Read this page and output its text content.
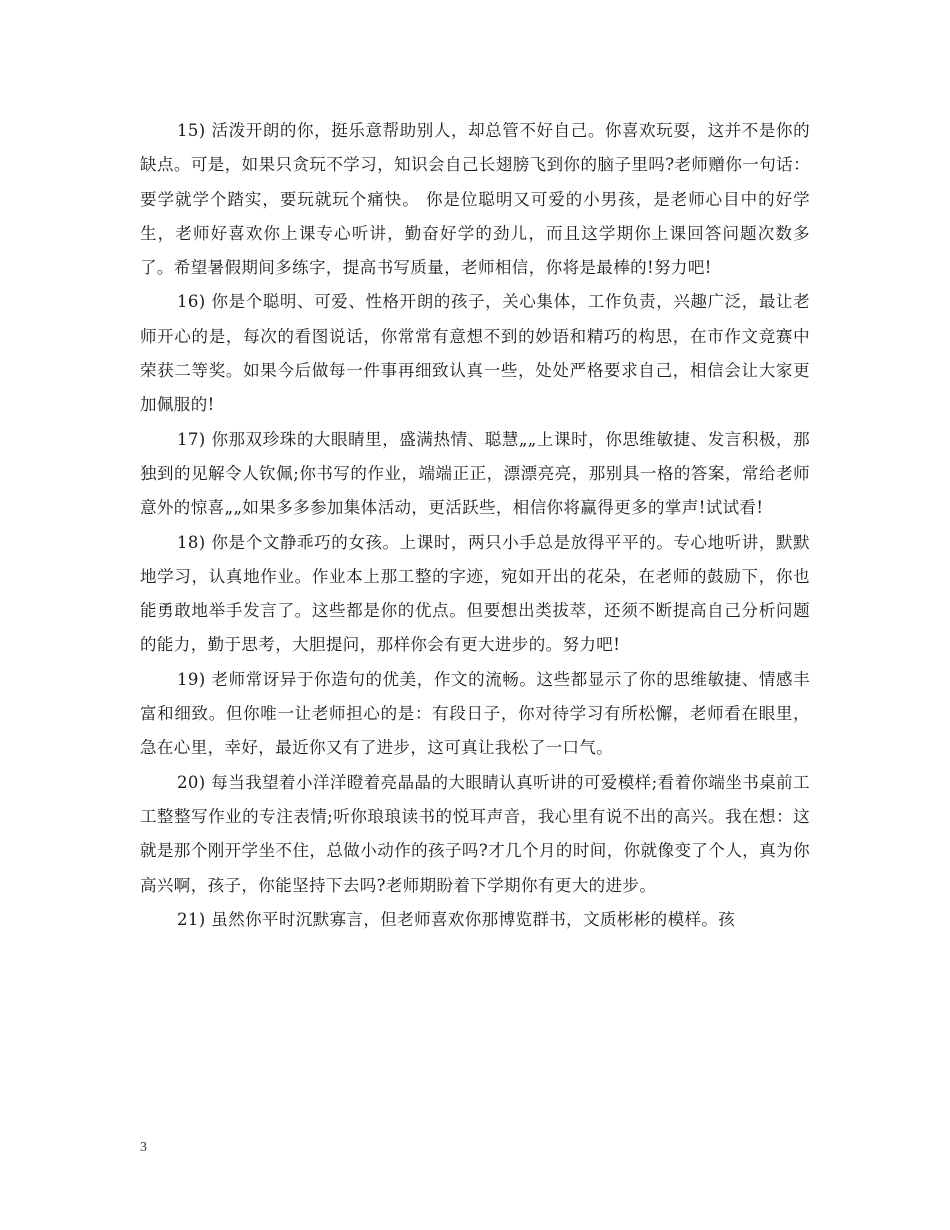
15) 活泼开朗的你，挺乐意帮助别人，却总管不好自己。你喜欢玩耍，这并不是你的缺点。可是，如果只贪玩不学习，知识会自己长翅膀飞到你的脑子里吗?老师赠你一句话：要学就学个踏实，要玩就玩个痛快。 你是位聪明又可爱的小男孩，是老师心目中的好学生，老师好喜欢你上课专心听讲，勤奋好学的劲儿，而且这学期你上课回答问题次数多了。希望暑假期间多练字，提高书写质量，老师相信，你将是最棒的!努力吧!

16) 你是个聪明、可爱、性格开朗的孩子，关心集体，工作负责，兴趣广泛，最让老师开心的是，每次的看图说话，你常常有意想不到的妙语和精巧的构思，在市作文竞赛中荣获二等奖。如果今后做每一件事再细致认真一些，处处严格要求自己，相信会让大家更加佩服的!

17) 你那双珍珠的大眼睛里，盛满热情、聪慧„„上课时，你思维敏捷、发言积极，那独到的见解令人钦佩;你书写的作业，端端正正，漂漂亮亮，那别具一格的答案，常给老师意外的惊喜„„如果多多参加集体活动，更活跃些，相信你将赢得更多的掌声!试试看!

18) 你是个文静乖巧的女孩。上课时，两只小手总是放得平平的。专心地听讲，默默地学习，认真地作业。作业本上那工整的字迹，宛如开出的花朵，在老师的鼓励下，你也能勇敢地举手发言了。这些都是你的优点。但要想出类拔萃，还须不断提高自己分析问题的能力，勤于思考，大胆提问，那样你会有更大进步的。努力吧!

19) 老师常讶异于你造句的优美，作文的流畅。这些都显示了你的思维敏捷、情感丰富和细致。但你唯一让老师担心的是：有段日子，你对待学习有所松懈，老师看在眼里，急在心里，幸好，最近你又有了进步，这可真让我松了一口气。

20) 每当我望着小洋洋瞪着亮晶晶的大眼睛认真听讲的可爱模样;看着你端坐书桌前工工整整写作业的专注表情;听你琅琅读书的悦耳声音，我心里有说不出的高兴。我在想：这就是那个刚开学坐不住，总做小动作的孩子吗?才几个月的时间，你就像变了个人，真为你高兴啊，孩子，你能坚持下去吗?老师期盼着下学期你有更大的进步。

21) 虽然你平时沉默寡言，但老师喜欢你那博览群书，文质彬彬的模样。孩

3
